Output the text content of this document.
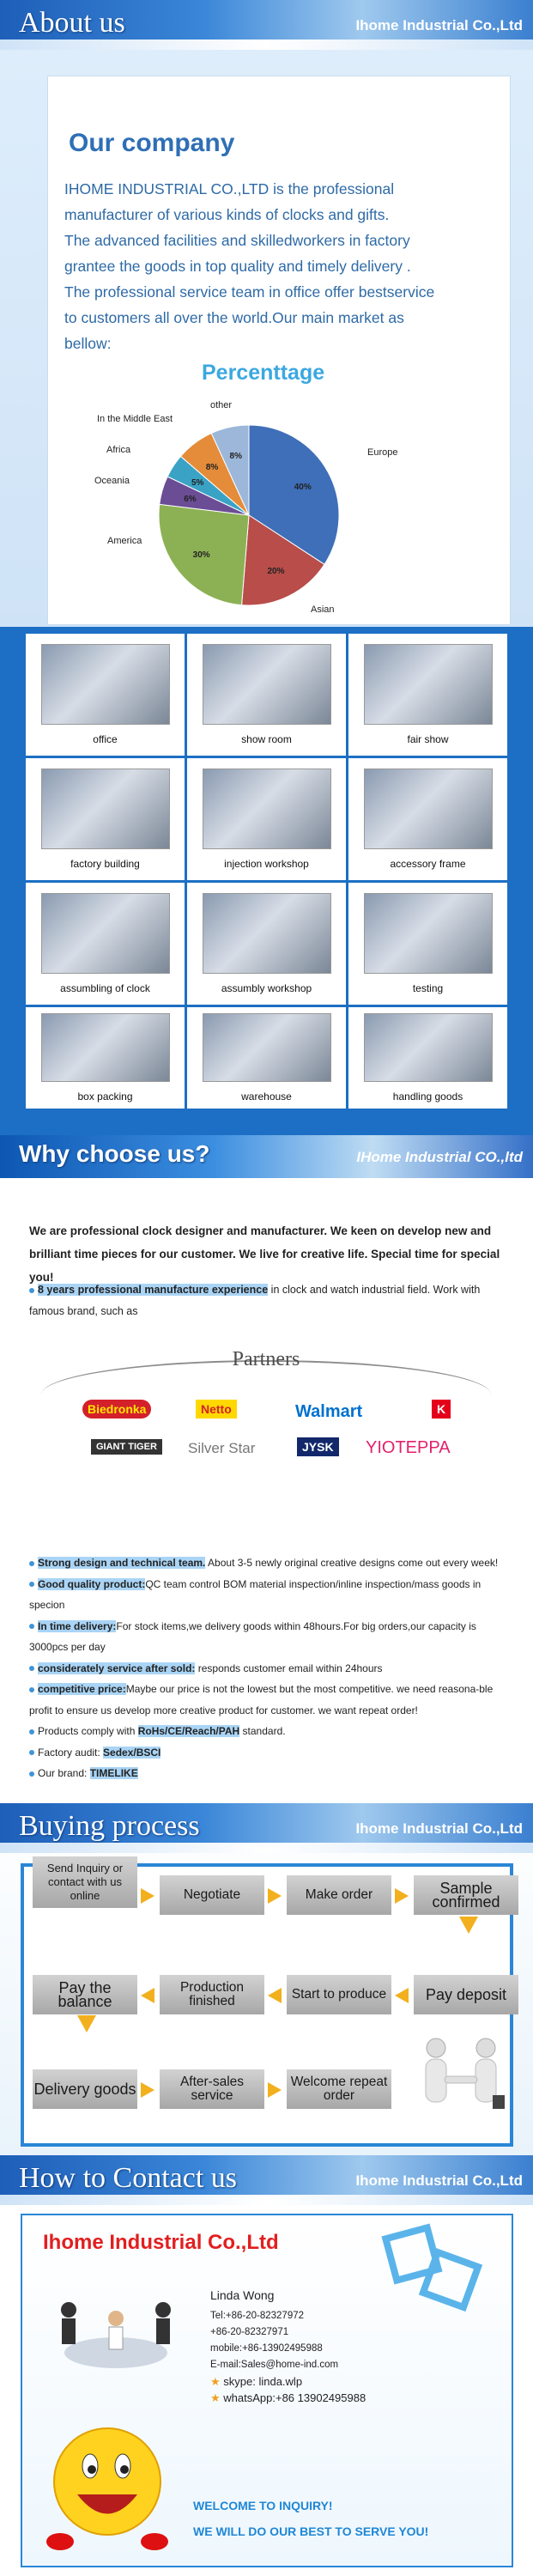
About us	Ihome Industrial Co.,Ltd
Our company
IHOME INDUSTRIAL CO.,LTD is the professional
manufacturer of various kinds of clocks and gifts.
The advanced facilities and skilledworkers in factory
grantee the goods in top quality and timely delivery .
The professional service team in office offer bestservice
to customers all over the world.Our main market as
bellow:
Percenttage
40%
Europe
20%
Asian
30%
America
6%
Oceania	5%
Africa
8%
In the Middle East
8%
other
office	show room	fair show
factory building	injection workshop	accessory frame
assumbling of clock	assumbly workshop	testing
box packing	warehouse	handling goods
Why choose us?	IHome Industrial CO.,ltd
We are professional clock designer and manufacturer. We keen on develop new and brilliant time pieces for our customer. We live for creative life. Special time for special you!
8 years professional manufacture experience in clock and watch industrial field. Work with famous brand, such as
Partners
Biedronka	Netto	Walmart	K
GIANT TIGER	Silver Star	JYSK	YIOTEPPA
Strong design and technical team. About 3-5 newly original creative designs come out every week!
Good quality product:QC team control BOM material inspection/inline inspection/mass goods in specion
In time delivery:For stock items,we delivery goods within 48hours.For big orders,our capacity is 3000pcs per day
considerately service after sold: responds customer email within 24hours
competitive price:Maybe our price is not the lowest but the most competitive. we need reasona-ble profit to ensure us develop more creative product for customer. we want repeat order!
Products comply with RoHs/CE/Reach/PAH standard.
Factory audit: Sedex/BSCI
Our brand: TIMELIKE
Buying process	Ihome Industrial Co.,Ltd
Send Inquiry or contact with us online	Negotiate	Make order	Sample confirmed
Pay deposit
Start to produce
Production finished
Pay the balance
Delivery goods	After-sales service
Welcome repeat order
How to Contact us	Ihome Industrial Co.,Ltd
Ihome Industrial Co.,Ltd
Linda Wong
Tel:+86-20-82327972
+86-20-82327971
mobile:+86-13902495988
E-mail:Sales@home-ind.com
★ skype: linda.wlp
★ whatsApp:+86 13902495988
WELCOME TO INQUIRY!
WE WILL DO OUR BEST TO SERVE YOU!
